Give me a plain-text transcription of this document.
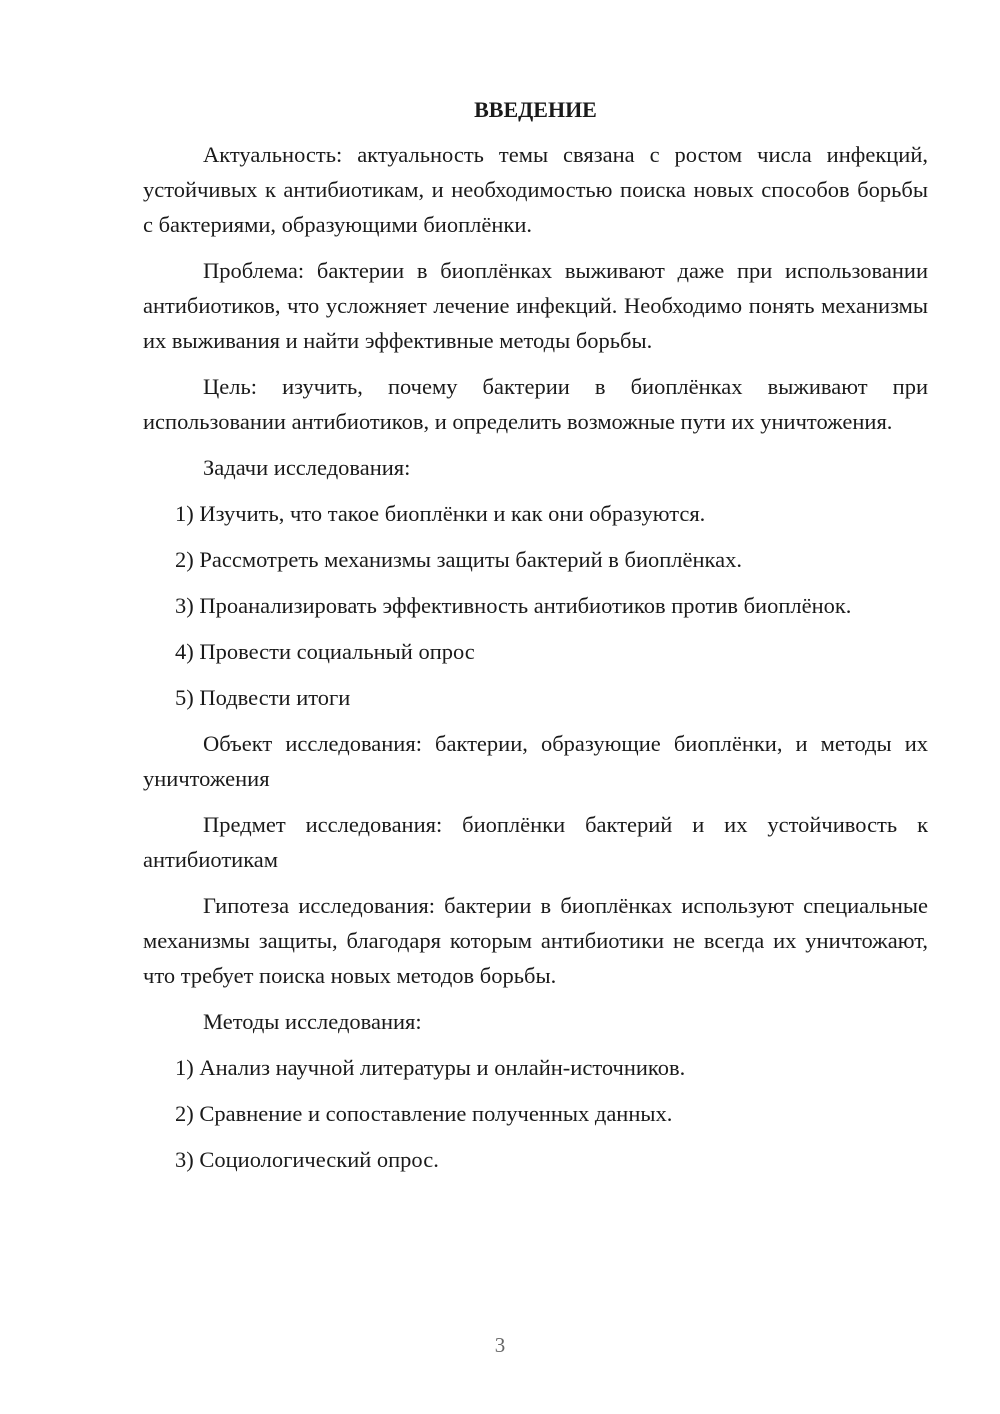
ВВЕДЕНИЕ

Актуальность: актуальность темы связана с ростом числа инфекций, устойчивых к антибиотикам, и необходимостью поиска новых способов борьбы с бактериями, образующими биоплёнки.

Проблема: бактерии в биоплёнках выживают даже при использовании антибиотиков, что усложняет лечение инфекций. Необходимо понять механизмы их выживания и найти эффективные методы борьбы.

Цель: изучить, почему бактерии в биоплёнках выживают при использовании антибиотиков, и определить возможные пути их уничтожения.

Задачи исследования:

1) Изучить, что такое биоплёнки и как они образуются.

2) Рассмотреть механизмы защиты бактерий в биоплёнках.

3) Проанализировать эффективность антибиотиков против биоплёнок.

4) Провести социальный опрос

5) Подвести итоги

Объект исследования: бактерии, образующие биоплёнки, и методы их уничтожения

Предмет исследования: биоплёнки бактерий и их устойчивость к антибиотикам

Гипотеза исследования: бактерии в биоплёнках используют специальные механизмы защиты, благодаря которым антибиотики не всегда их уничтожают, что требует поиска новых методов борьбы.

Методы исследования:

1) Анализ научной литературы и онлайн-источников.

2) Сравнение и сопоставление полученных данных.

3) Социологический опрос.

3
